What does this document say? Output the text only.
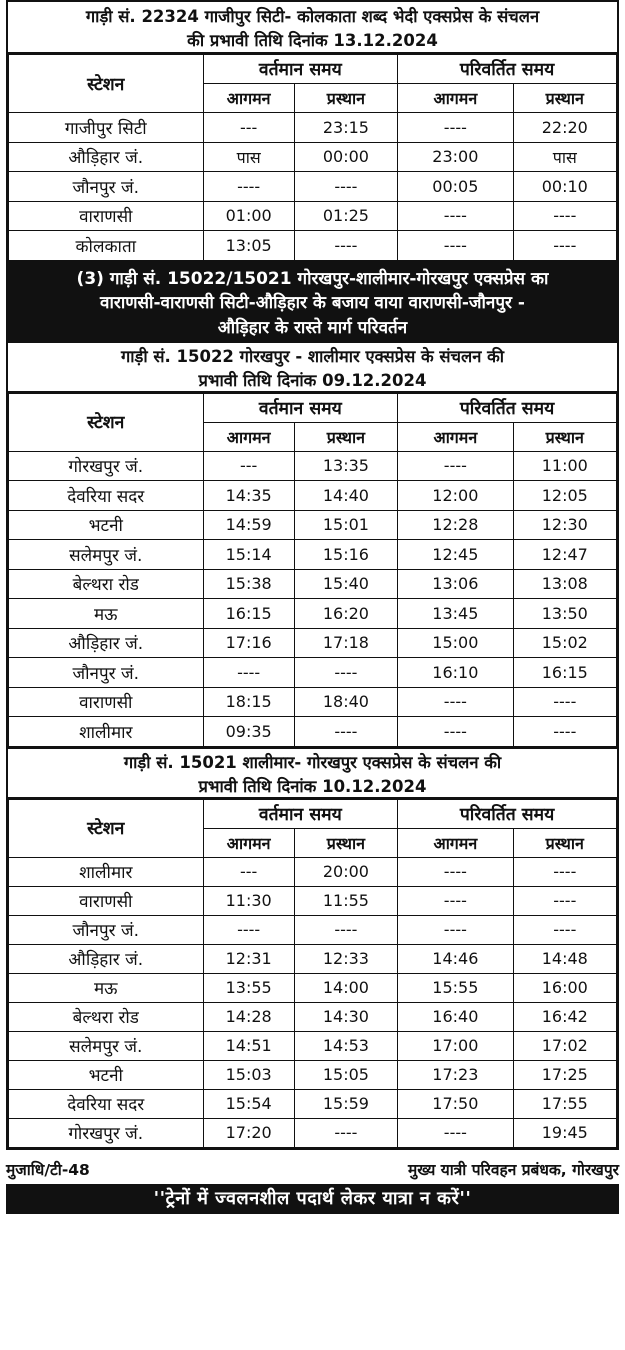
गाड़ी सं. 22324 गाजीपुर सिटी- कोलकाता शब्द भेदी एक्सप्रेस के संचलन
की प्रभावी तिथि दिनांक 13.12.2024
स्टेशन	वर्तमान समय		परिवर्तित समय	
	आगमन	प्रस्थान	आगमन	प्रस्थान
गाजीपुर सिटी	---	23:15	----	22:20
औड़िहार जं.	पास	00:00	23:00	पास
जौनपुर जं.	----	----	00:05	00:10
वाराणसी	01:00	01:25	----	----
कोलकाता	13:05	----	----	----
(3) गाड़ी सं. 15022/15021 गोरखपुर-शालीमार-गोरखपुर एक्सप्रेस का
वाराणसी-वाराणसी सिटी-औड़िहार के बजाय वाया वाराणसी-जौनपुर -
औड़िहार के रास्ते मार्ग परिवर्तन
गाड़ी सं. 15022 गोरखपुर - शालीमार एक्सप्रेस के संचलन की
प्रभावी तिथि दिनांक 09.12.2024
स्टेशन	वर्तमान समय		परिवर्तित समय	
	आगमन	प्रस्थान	आगमन	प्रस्थान
गोरखपुर जं.	---	13:35	----	11:00
देवरिया सदर	14:35	14:40	12:00	12:05
भटनी	14:59	15:01	12:28	12:30
सलेमपुर जं.	15:14	15:16	12:45	12:47
बेल्थरा रोड	15:38	15:40	13:06	13:08
मऊ	16:15	16:20	13:45	13:50
औड़िहार जं.	17:16	17:18	15:00	15:02
जौनपुर जं.	----	----	16:10	16:15
वाराणसी	18:15	18:40	----	----
शालीमार	09:35	----	----	----
गाड़ी सं. 15021 शालीमार- गोरखपुर एक्सप्रेस के संचलन की
प्रभावी तिथि दिनांक 10.12.2024
स्टेशन	वर्तमान समय		परिवर्तित समय	
	आगमन	प्रस्थान	आगमन	प्रस्थान
शालीमार	---	20:00	----	----
वाराणसी	11:30	11:55	----	----
जौनपुर जं.	----	----	----	----
औड़िहार जं.	12:31	12:33	14:46	14:48
मऊ	13:55	14:00	15:55	16:00
बेल्थरा रोड	14:28	14:30	16:40	16:42
सलेमपुर जं.	14:51	14:53	17:00	17:02
भटनी	15:03	15:05	17:23	17:25
देवरिया सदर	15:54	15:59	17:50	17:55
गोरखपुर जं.	17:20	----	----	19:45
मुजाधि/टी-48	मुख्य यात्री परिवहन प्रबंधक, गोरखपुर
''ट्रेनों में ज्वलनशील पदार्थ लेकर यात्रा न करें''
